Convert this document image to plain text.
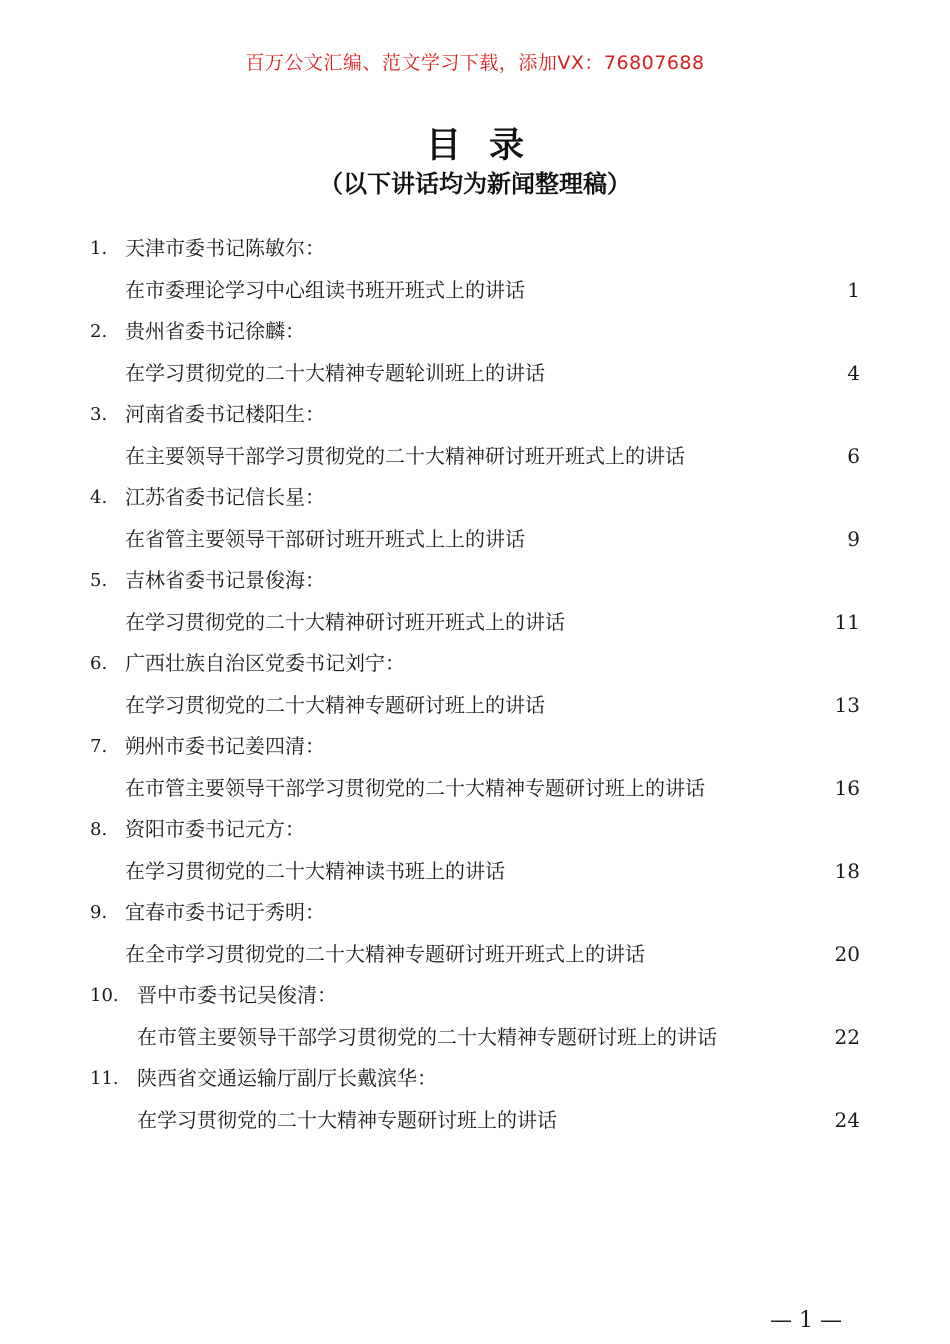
百万公文汇编、范文学习下载，添加VX：76807688
目录
（以下讲话均为新闻整理稿）
1. 天津市委书记陈敏尔：
在市委理论学习中心组读书班开班式上的讲话	1
2. 贵州省委书记徐麟：
在学习贯彻党的二十大精神专题轮训班上的讲话	4
3. 河南省委书记楼阳生：
在主要领导干部学习贯彻党的二十大精神研讨班开班式上的讲话	6
4. 江苏省委书记信长星：
在省管主要领导干部研讨班开班式上上的讲话	9
5. 吉林省委书记景俊海：
在学习贯彻党的二十大精神研讨班开班式上的讲话	11
6. 广西壮族自治区党委书记刘宁：
在学习贯彻党的二十大精神专题研讨班上的讲话	13
7. 朔州市委书记姜四清：
在市管主要领导干部学习贯彻党的二十大精神专题研讨班上的讲话	16
8. 资阳市委书记元方：
在学习贯彻党的二十大精神读书班上的讲话	18
9. 宜春市委书记于秀明：
在全市学习贯彻党的二十大精神专题研讨班开班式上的讲话	20
10. 晋中市委书记吴俊清：
在市管主要领导干部学习贯彻党的二十大精神专题研讨班上的讲话	22
11. 陕西省交通运输厅副厅长戴滨华：
在学习贯彻党的二十大精神专题研讨班上的讲话	24
— 1 —
